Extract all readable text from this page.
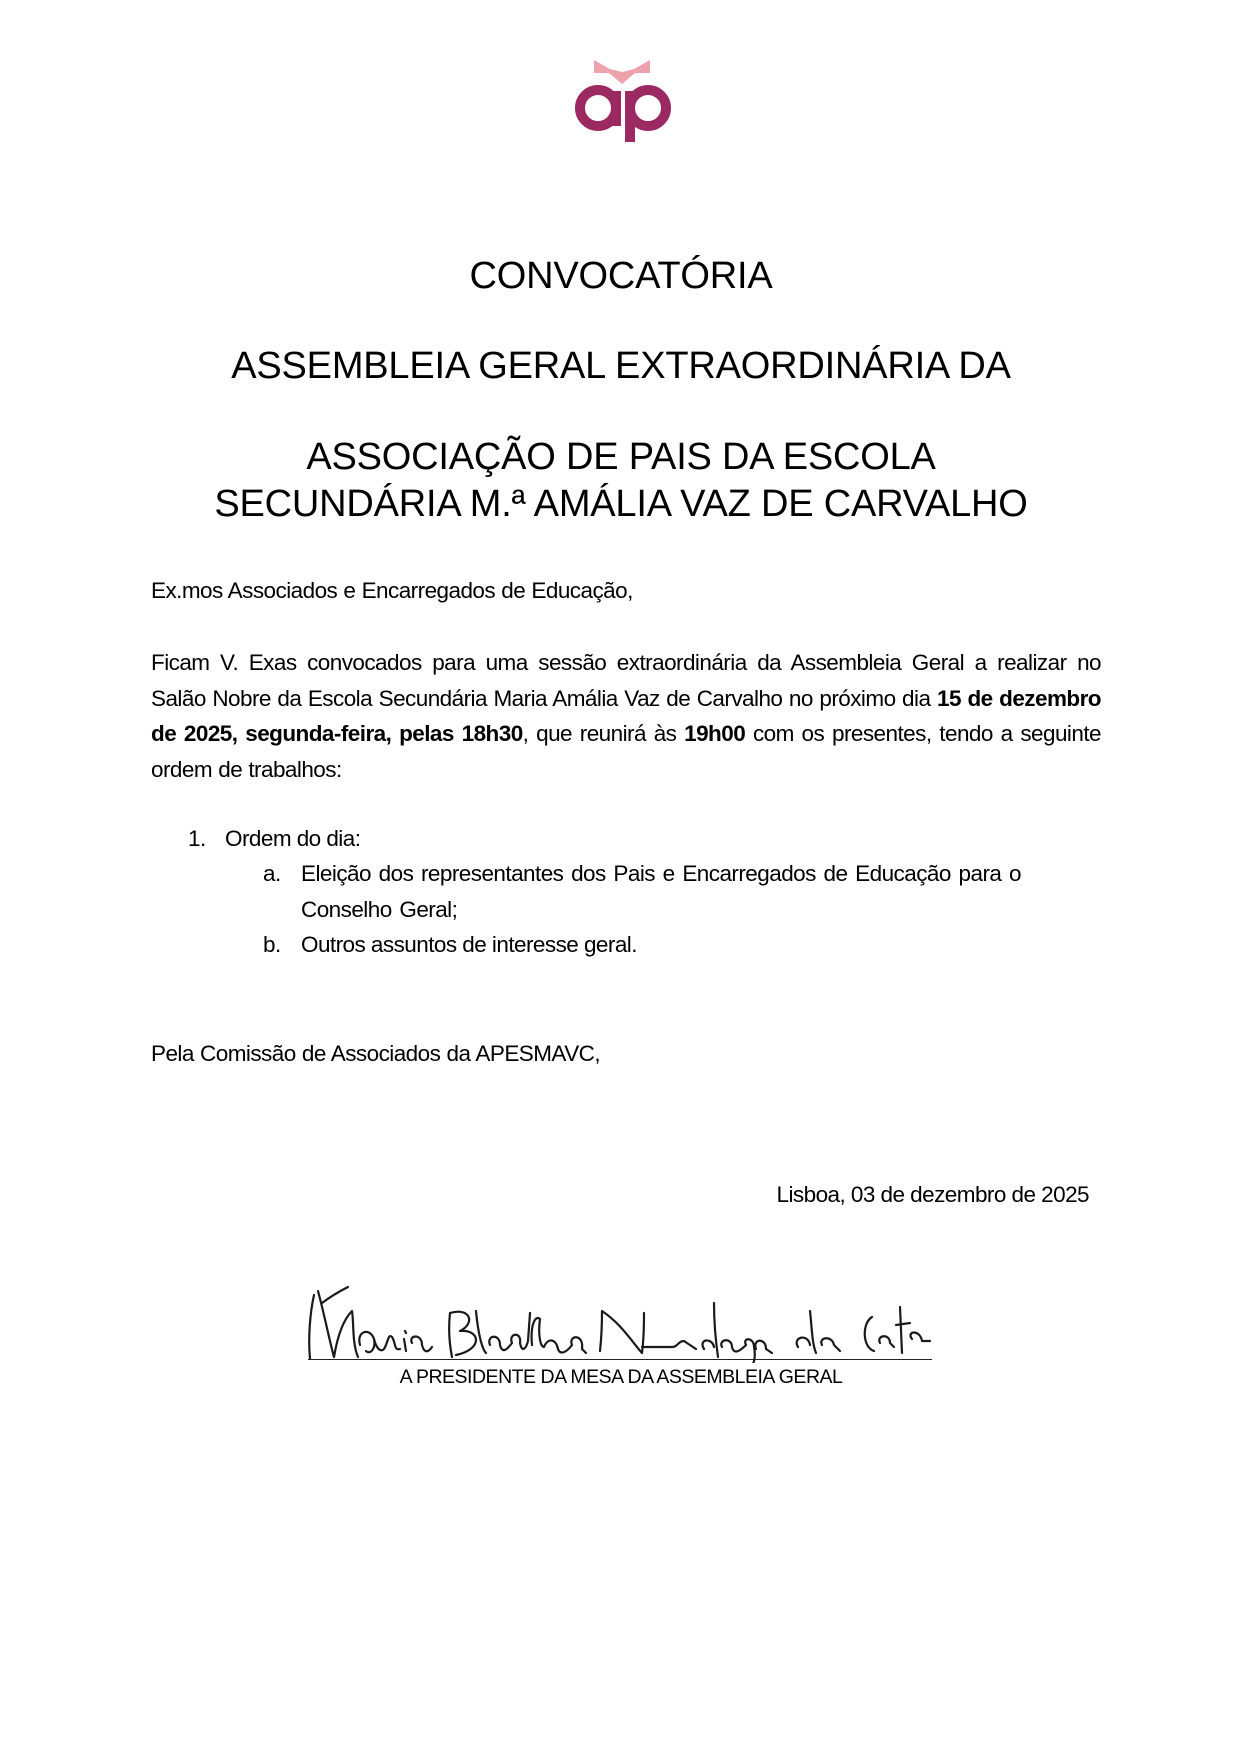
CONVOCATÓRIA
ASSEMBLEIA GERAL EXTRAORDINÁRIA DA
ASSOCIAÇÃO DE PAIS DA ESCOLA
SECUNDÁRIA M.ª AMÁLIA VAZ DE CARVALHO

Ex.mos Associados e Encarregados de Educação,

Ficam V. Exas convocados para uma sessão extraordinária da Assembleia Geral a realizar no Salão Nobre da Escola Secundária Maria Amália Vaz de Carvalho no próximo dia 15 de dezembro de 2025, segunda-feira, pelas 18h30, que reunirá às 19h00 com os presentes, tendo a seguinte ordem de trabalhos:

1. Ordem do dia:
a. Eleição dos representantes dos Pais e Encarregados de Educação para o Conselho Geral;
b. Outros assuntos de interesse geral.

Pela Comissão de Associados da APESMAVC,

Lisboa, 03 de dezembro de 2025
A PRESIDENTE DA MESA DA ASSEMBLEIA GERAL
